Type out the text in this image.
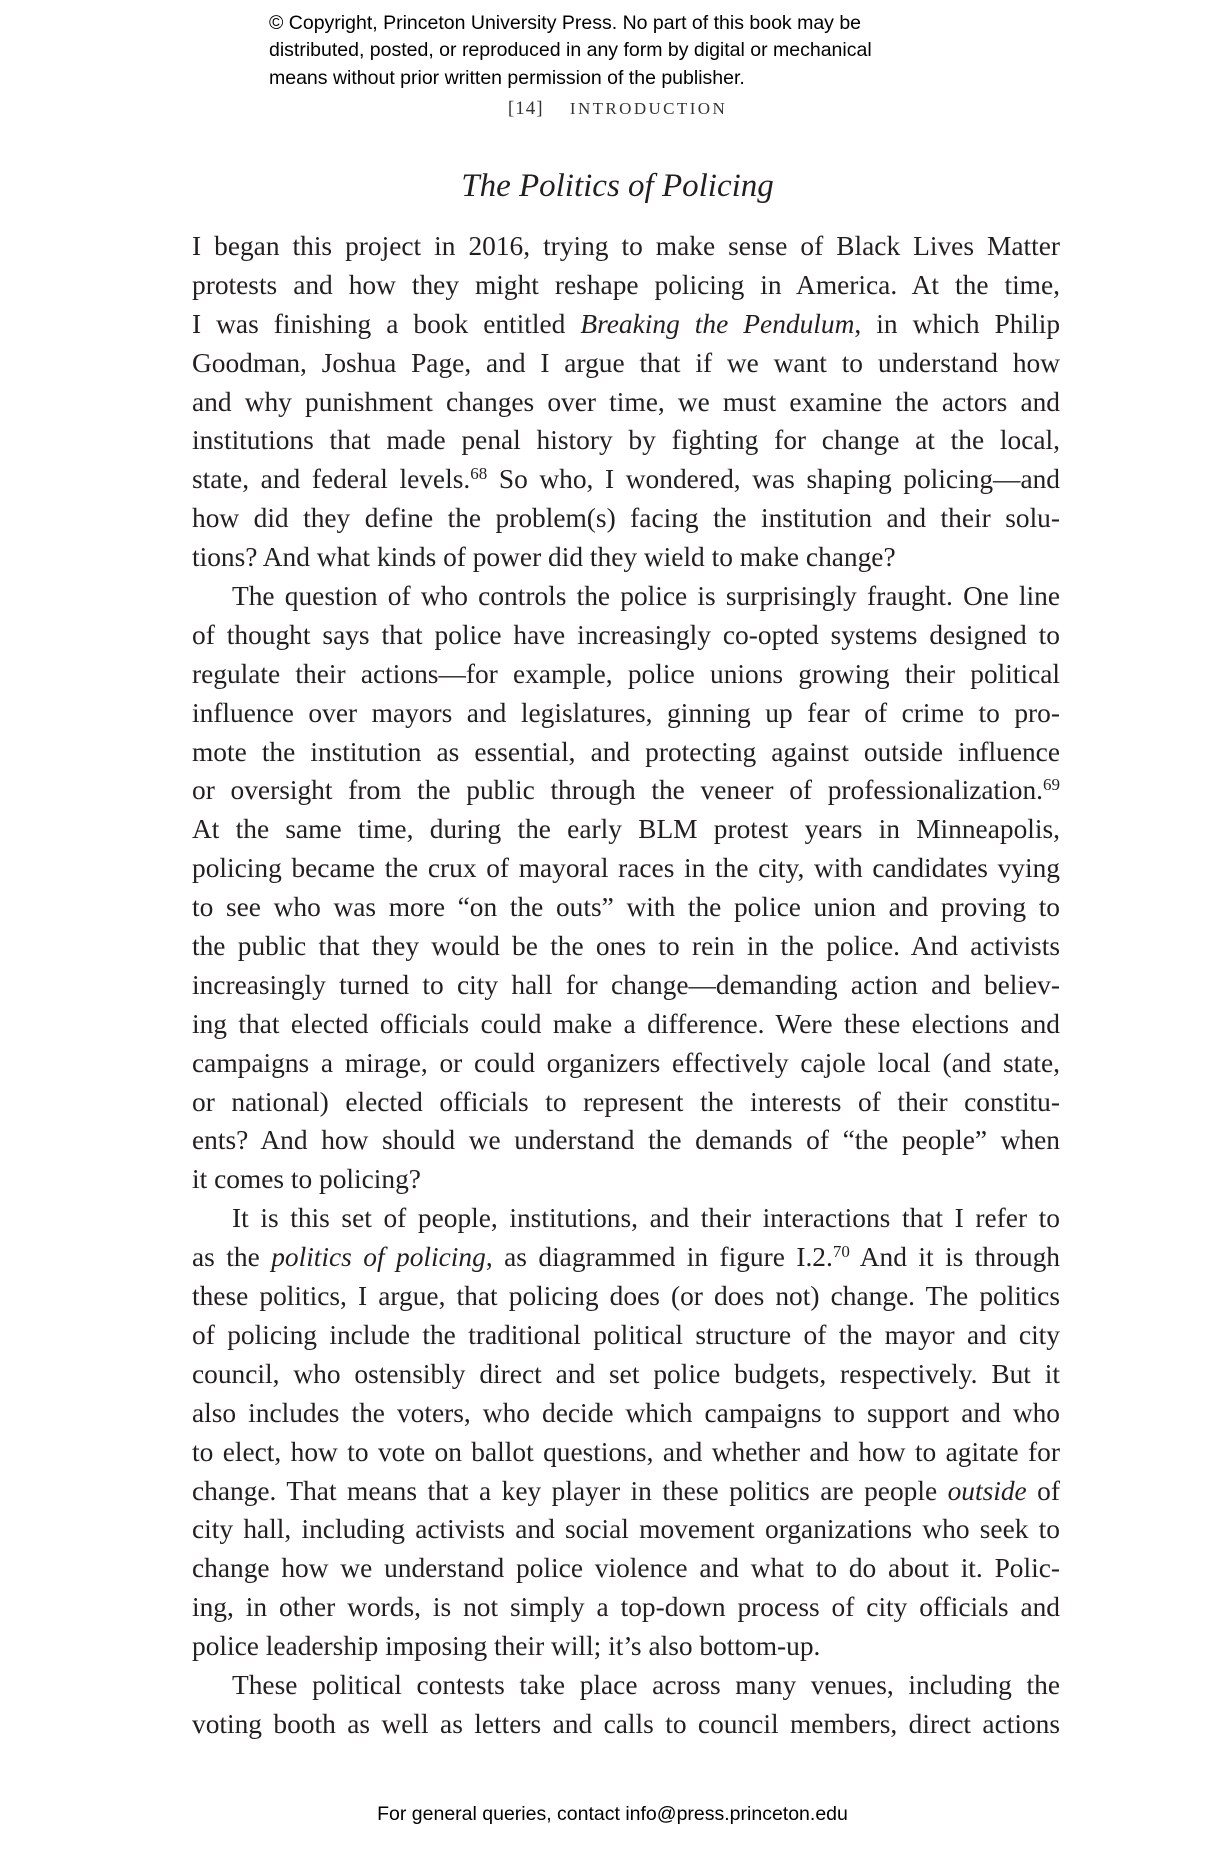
© Copyright, Princeton University Press. No part of this book may be
distributed, posted, or reproduced in any form by digital or mechanical
means without prior written permission of the publisher.
[14] INTRODUCTION
The Politics of Policing
I began this project in 2016, trying to make sense of Black Lives Matter
protests and how they might reshape policing in America. At the time,
I was finishing a book entitled Breaking the Pendulum, in which Philip
Goodman, Joshua Page, and I argue that if we want to understand how
and why punishment changes over time, we must examine the actors and
institutions that made penal history by fighting for change at the local,
state, and federal levels.$^{68}$ So who, I wondered, was shaping policing—and
how did they define the problem(s) facing the institution and their solu-
tions? And what kinds of power did they wield to make change?
The question of who controls the police is surprisingly fraught. One line
of thought says that police have increasingly co-opted systems designed to
regulate their actions—for example, police unions growing their political
influence over mayors and legislatures, ginning up fear of crime to pro-
mote the institution as essential, and protecting against outside influence
or oversight from the public through the veneer of professionalization.$^{69}$
At the same time, during the early BLM protest years in Minneapolis,
policing became the crux of mayoral races in the city, with candidates vying
to see who was more “on the outs” with the police union and proving to
the public that they would be the ones to rein in the police. And activists
increasingly turned to city hall for change—demanding action and believ-
ing that elected officials could make a difference. Were these elections and
campaigns a mirage, or could organizers effectively cajole local (and state,
or national) elected officials to represent the interests of their constitu-
ents? And how should we understand the demands of “the people” when
it comes to policing?
It is this set of people, institutions, and their interactions that I refer to
as the politics of policing, as diagrammed in figure I.2.70 And it is through
these politics, I argue, that policing does (or does not) change. The politics
of policing include the traditional political structure of the mayor and city
council, who ostensibly direct and set police budgets, respectively. But it
also includes the voters, who decide which campaigns to support and who
to elect, how to vote on ballot questions, and whether and how to agitate for
change. That means that a key player in these politics are people outside of
city hall, including activists and social movement organizations who seek to
change how we understand police violence and what to do about it. Polic-
ing, in other words, is not simply a top-down process of city officials and
police leadership imposing their will; it’s also bottom-up.
These political contests take place across many venues, including the
voting booth as well as letters and calls to council members, direct actions
For general queries, contact info@press.princeton.edu
